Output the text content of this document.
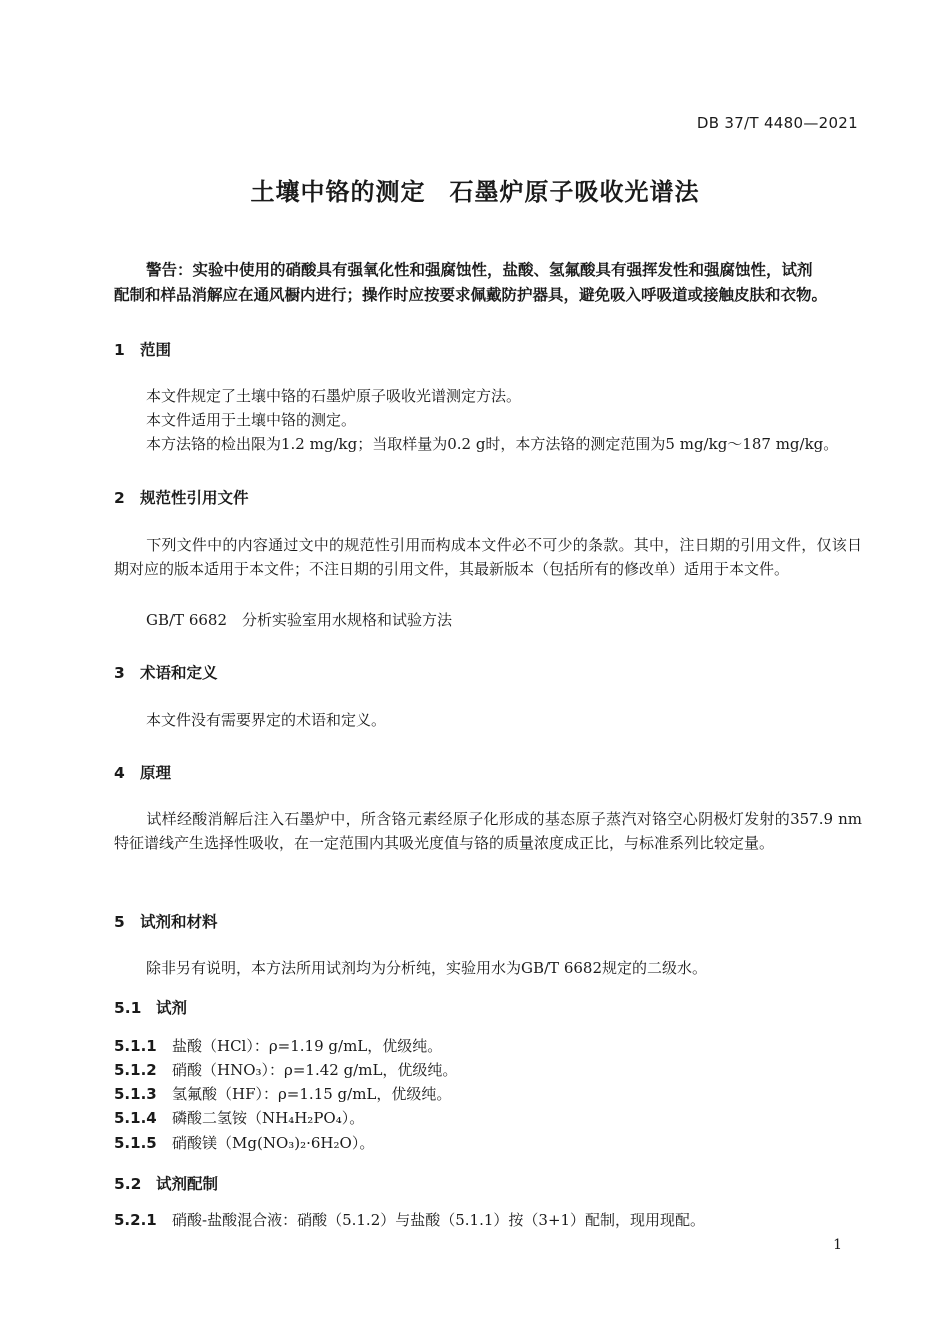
DB 37/T 4480—2021
土壤中铬的测定 石墨炉原子吸收光谱法
警告：实验中使用的硝酸具有强氧化性和强腐蚀性，盐酸、氢氟酸具有强挥发性和强腐蚀性，试剂
配制和样品消解应在通风橱内进行；操作时应按要求佩戴防护器具，避免吸入呼吸道或接触皮肤和衣物。
1 范围
本文件规定了土壤中铬的石墨炉原子吸收光谱测定方法。
本文件适用于土壤中铬的测定。
本方法铬的检出限为1.2 mg/kg；当取样量为0.2 g时，本方法铬的测定范围为5 mg/kg～187 mg/kg。
2 规范性引用文件
下列文件中的内容通过文中的规范性引用而构成本文件必不可少的条款。其中，注日期的引用文件，仅该日期对应的版本适用于本文件；不注日期的引用文件，其最新版本（包括所有的修改单）适用于本文件。
GB/T 6682　分析实验室用水规格和试验方法
3 术语和定义
本文件没有需要界定的术语和定义。
4 原理
试样经酸消解后注入石墨炉中，所含铬元素经原子化形成的基态原子蒸汽对铬空心阴极灯发射的357.9 nm特征谱线产生选择性吸收，在一定范围内其吸光度值与铬的质量浓度成正比，与标准系列比较定量。
5 试剂和材料
除非另有说明，本方法所用试剂均为分析纯，实验用水为GB/T 6682规定的二级水。
5.1 试剂
5.1.1 盐酸（HCl）：ρ=1.19 g/mL，优级纯。
5.1.2 硝酸（HNO₃）：ρ=1.42 g/mL，优级纯。
5.1.3 氢氟酸（HF）：ρ=1.15 g/mL，优级纯。
5.1.4 磷酸二氢铵（NH₄H₂PO₄）。
5.1.5 硝酸镁（Mg(NO₃)₂·6H₂O）。
5.2 试剂配制
5.2.1 硝酸-盐酸混合液：硝酸（5.1.2）与盐酸（5.1.1）按（3+1）配制，现用现配。
1
